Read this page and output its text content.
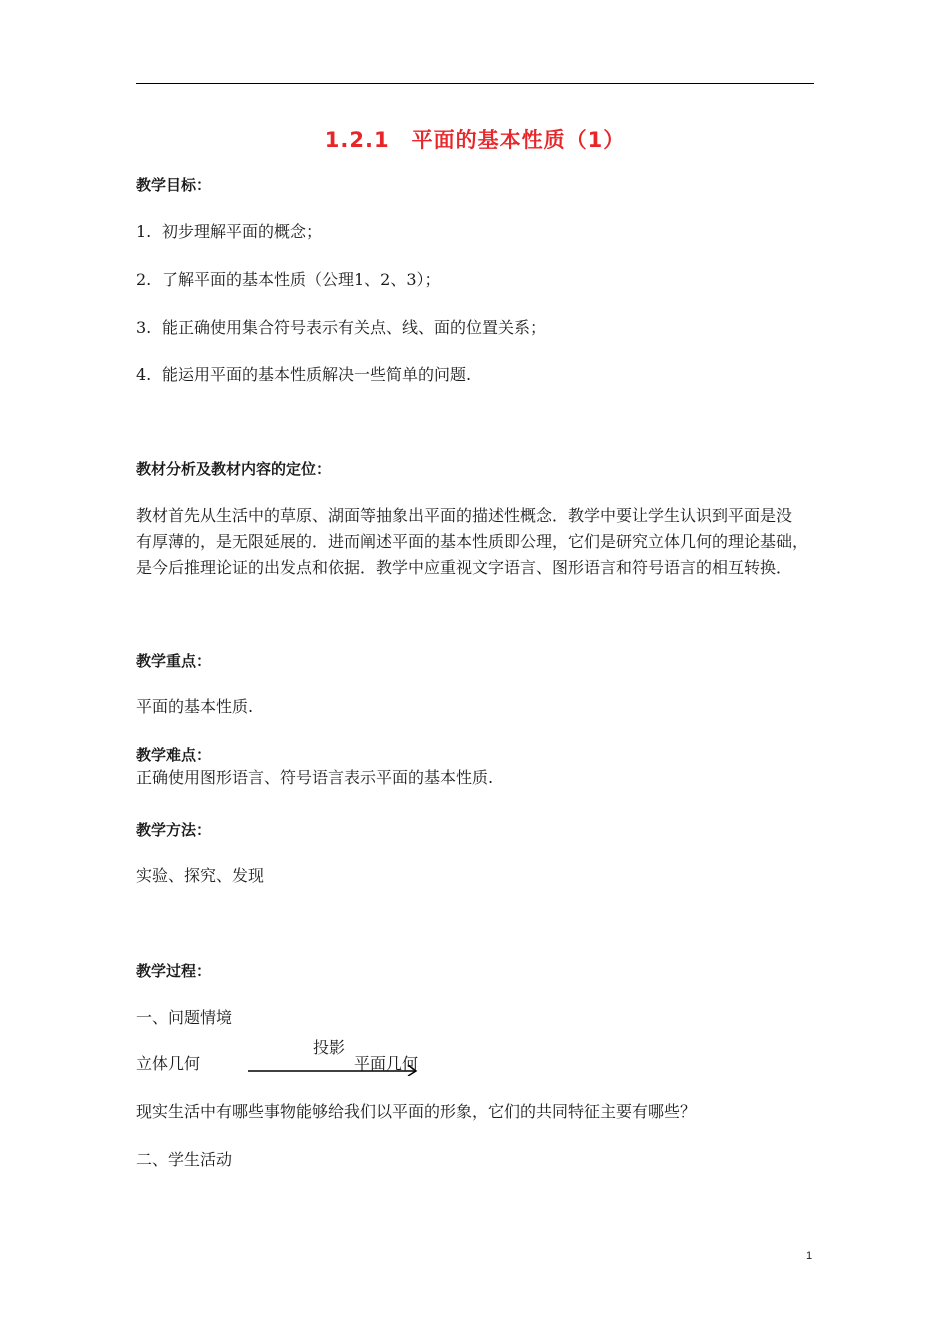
1.2.1　平面的基本性质（1）
教学目标：
1. 初步理解平面的概念；
2. 了解平面的基本性质（公理1、2、3）；
3. 能正确使用集合符号表示有关点、线、面的位置关系；
4. 能运用平面的基本性质解决一些简单的问题.
教材分析及教材内容的定位：
教材首先从生活中的草原、湖面等抽象出平面的描述性概念．教学中要让学生认识到平面是没
有厚薄的，是无限延展的．进而阐述平面的基本性质即公理，它们是研究立体几何的理论基础，
是今后推理论证的出发点和依据．教学中应重视文字语言、图形语言和符号语言的相互转换．
教学重点：
平面的基本性质.
教学难点：
正确使用图形语言、符号语言表示平面的基本性质.
教学方法：
实验、探究、发现
教学过程：
一、问题情境
投影
立体几何	平面几何
现实生活中有哪些事物能够给我们以平面的形象，它们的共同特征主要有哪些？
二、学生活动
1
